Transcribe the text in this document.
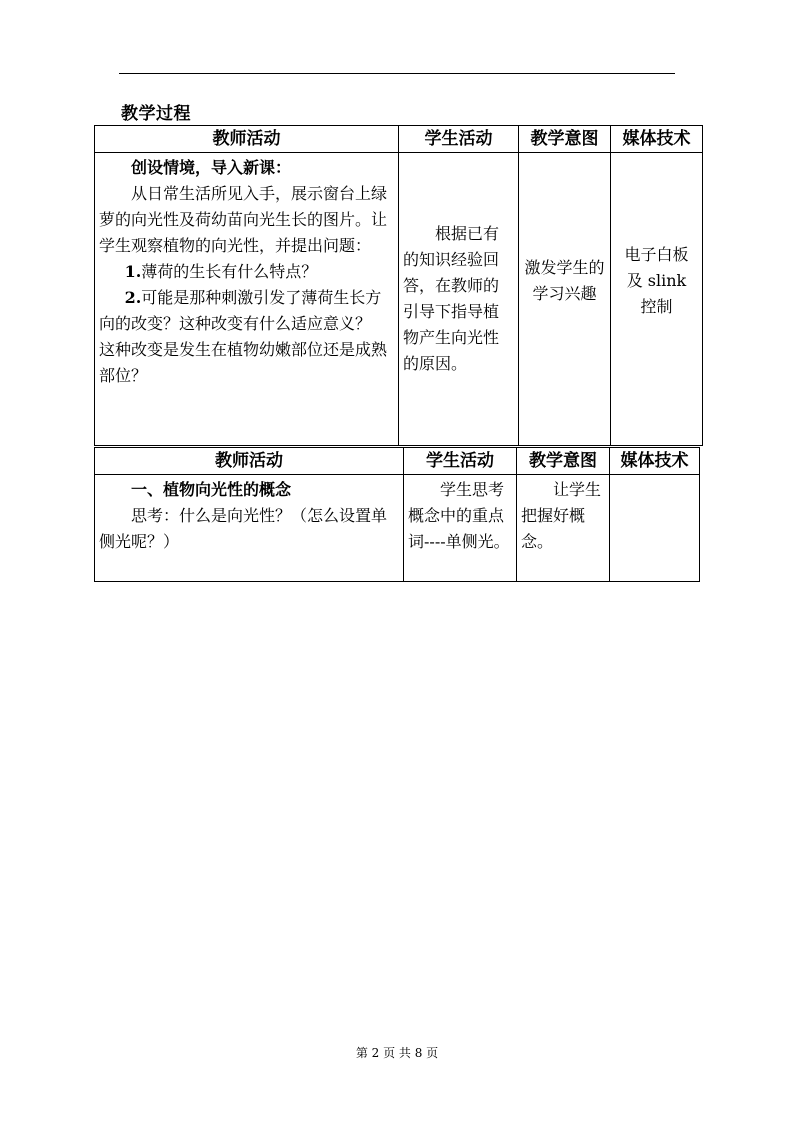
教学过程
教师活动	学生活动	教学意图	媒体技术

创设情境，导入新课：
从日常生活所见入手，展示窗台上绿萝的向光性及荷幼苗向光生长的图片。让学生观察植物的向光性，并提出问题：
1.薄荷的生长有什么特点？
2.可能是那种刺激引发了薄荷生长方向的改变？这种改变有什么适应意义？
这种改变是发生在植物幼嫩部位还是成熟部位？	根据已有的知识经验回答，在教师的引导下指导植物产生向光性的原因。	激发学生的学习兴趣	电子白板及 slink 控制
教师活动	学生活动	教学意图	媒体技术

一、植物向光性的概念
思考：什么是向光性？（怎么设置单侧光呢？）	学生思考概念中的重点词----单侧光。	让学生把握好概念。	

第 2 页 共 8 页
